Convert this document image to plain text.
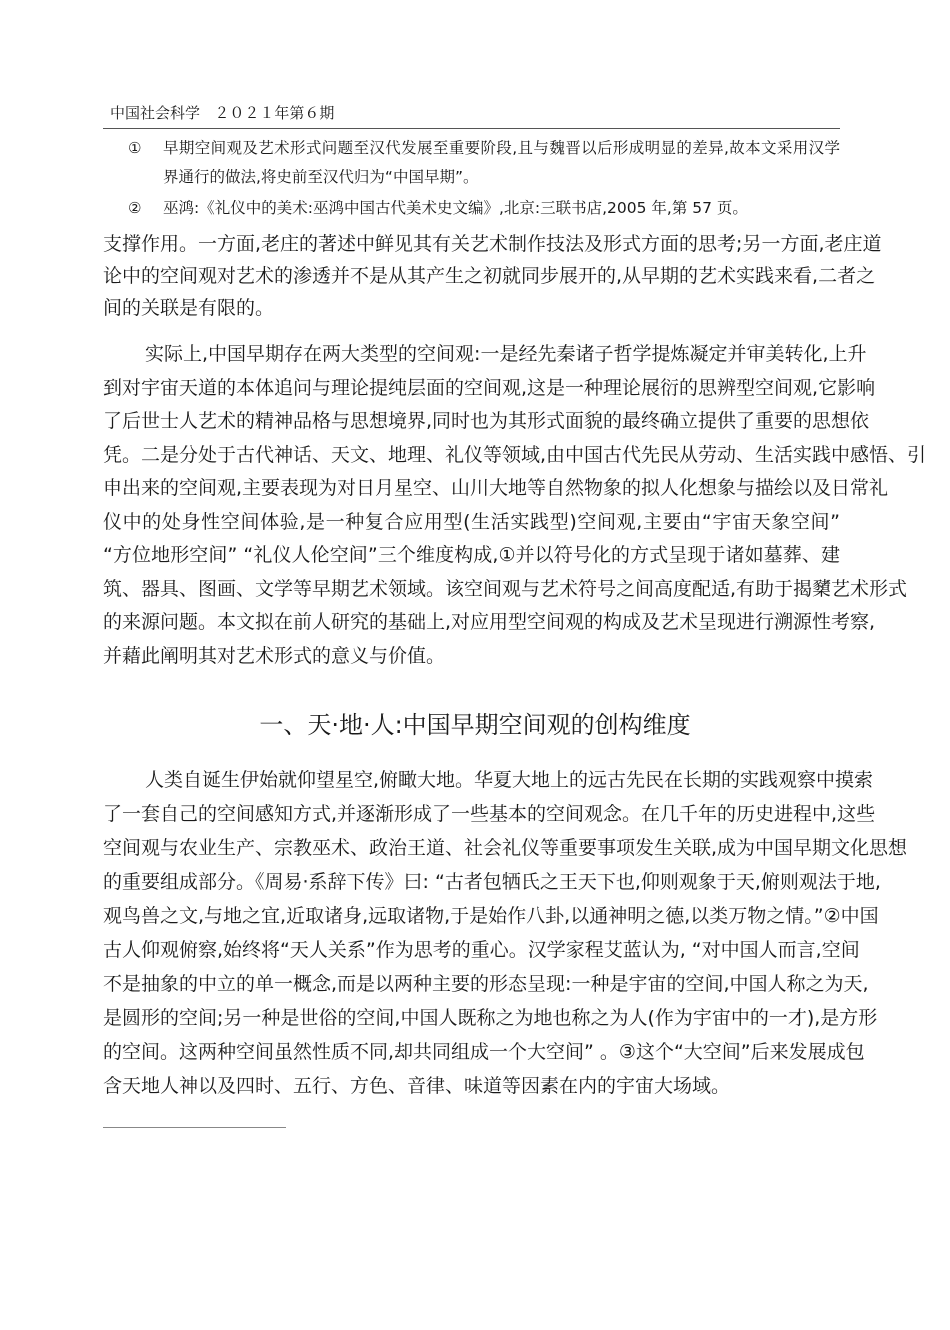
中国社会科学 ２０２１年第６期
① 早期空间观及艺术形式问题至汉代发展至重要阶段,且与魏晋以后形成明显的差异,故本文采用汉学
界通行的做法,将史前至汉代归为“中国早期”。
② 巫鸿:《礼仪中的美术:巫鸿中国古代美术史文编》,北京:三联书店,2005 年,第 57 页。
支撑作用。一方面,老庄的著述中鲜见其有关艺术制作技法及形式方面的思考;另一方面,老庄道
论中的空间观对艺术的渗透并不是从其产生之初就同步展开的,从早期的艺术实践来看,二者之
间的关联是有限的。
实际上,中国早期存在两大类型的空间观:一是经先秦诸子哲学提炼凝定并审美转化,上升
到对宇宙天道的本体追问与理论提纯层面的空间观,这是一种理论展衍的思辨型空间观,它影响
了后世士人艺术的精神品格与思想境界,同时也为其形式面貌的最终确立提供了重要的思想依
凭。二是分处于古代神话、天文、地理、礼仪等领域,由中国古代先民从劳动、生活实践中感悟、引
申出来的空间观,主要表现为对日月星空、山川大地等自然物象的拟人化想象与描绘以及日常礼
仪中的处身性空间体验,是一种复合应用型(生活实践型)空间观,主要由“宇宙天象空间”
“方位地形空间” “礼仪人伦空间”三个维度构成,①并以符号化的方式呈现于诸如墓葬、建
筑、器具、图画、文学等早期艺术领域。该空间观与艺术符号之间高度配适,有助于揭櫫艺术形式
的来源问题。本文拟在前人研究的基础上,对应用型空间观的构成及艺术呈现进行溯源性考察,
并藉此阐明其对艺术形式的意义与价值。
一、天·地·人:中国早期空间观的创构维度
人类自诞生伊始就仰望星空,俯瞰大地。华夏大地上的远古先民在长期的实践观察中摸索
了一套自己的空间感知方式,并逐渐形成了一些基本的空间观念。在几千年的历史进程中,这些
空间观与农业生产、宗教巫术、政治王道、社会礼仪等重要事项发生关联,成为中国早期文化思想
的重要组成部分。《周易·系辞下传》曰: “古者包牺氏之王天下也,仰则观象于天,俯则观法于地,
观鸟兽之文,与地之宜,近取诸身,远取诸物,于是始作八卦,以通神明之德,以类万物之情。”②中国
古人仰观俯察,始终将“天人关系”作为思考的重心。汉学家程艾蓝认为, “对中国人而言,空间
不是抽象的中立的单一概念,而是以两种主要的形态呈现:一种是宇宙的空间,中国人称之为天,
是圆形的空间;另一种是世俗的空间,中国人既称之为地也称之为人(作为宇宙中的一才),是方形
的空间。这两种空间虽然性质不同,却共同组成一个大空间” 。③这个“大空间”后来发展成包
含天地人神以及四时、五行、方色、音律、味道等因素在内的宇宙大场域。
